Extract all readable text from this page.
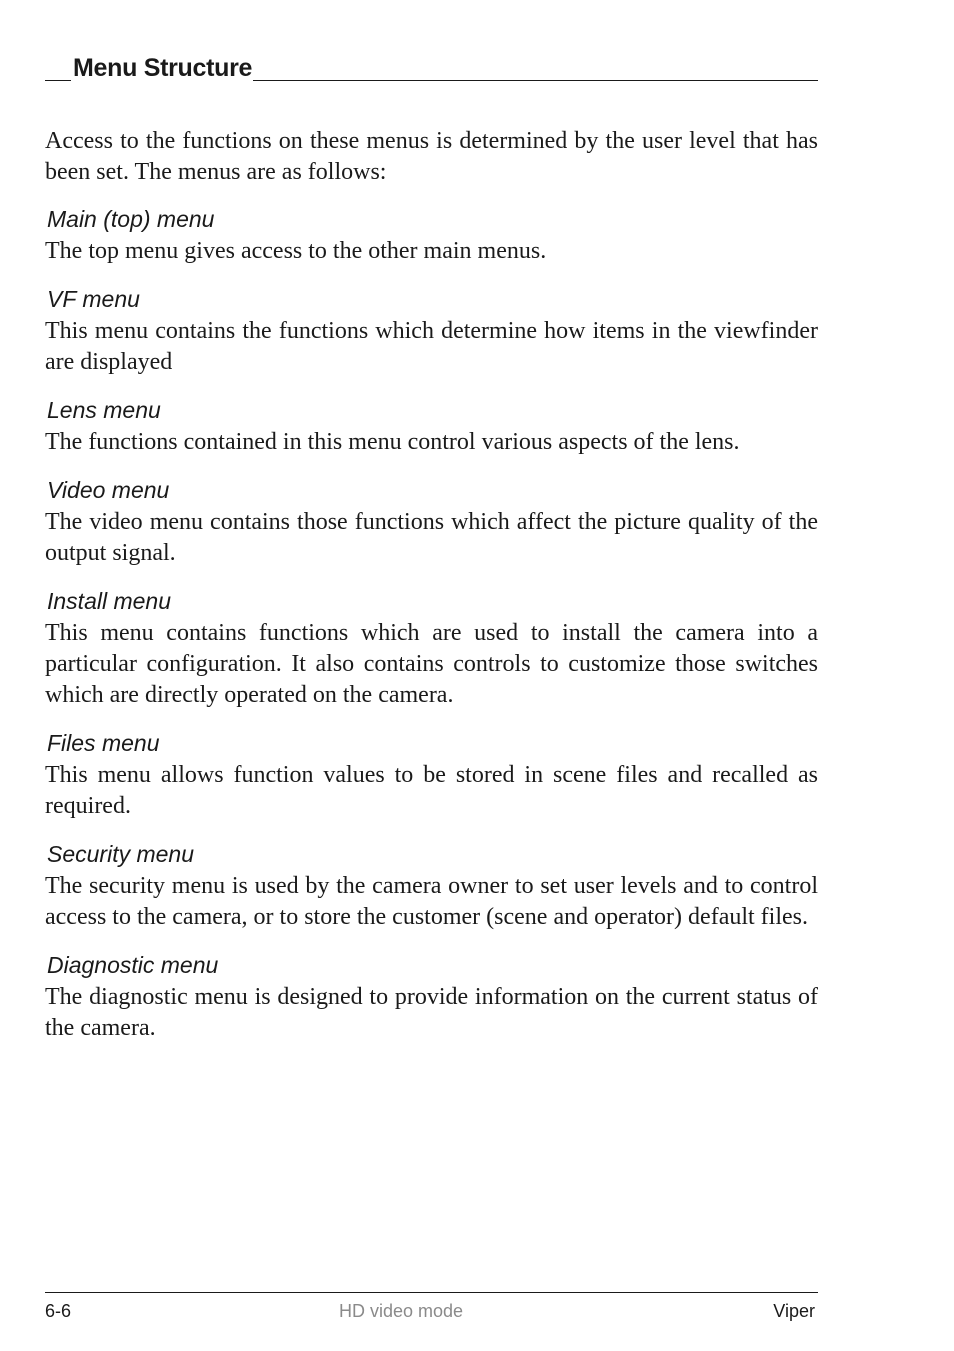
Menu Structure

Access to the functions on these menus is determined by the user level that has been set. The menus are as follows:

Main (top) menu

The top menu gives access to the other main menus.

VF menu

This menu contains the functions which determine how items in the viewfinder are displayed

Lens menu

The functions contained in this menu control various aspects of the lens.

Video menu

The video menu contains those functions which affect the picture quality of the  output signal.

Install menu

This menu contains functions which are used to install the camera into a particular configuration. It also contains controls to customize those switches which are directly operated on the camera.

Files menu

This menu allows function values to be stored in scene files and recalled as required.

Security menu

The security menu is used by the camera owner to set user levels and to control access to the camera, or to store the customer (scene and operator) default files.

Diagnostic menu

The diagnostic menu is designed to provide information on the current status of the camera.

6-6	HD video mode	Viper
